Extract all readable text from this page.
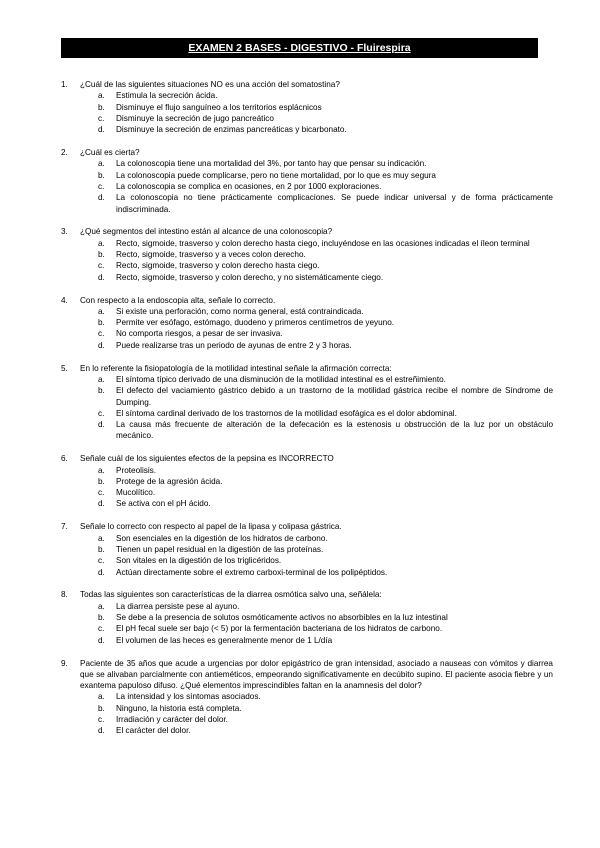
EXAMEN 2 BASES - DIGESTIVO - Fluirespira
1. ¿Cuál de las siguientes situaciones NO es una acción del somatostina?
a. Estimula la secreción ácida.
b. Disminuye el flujo sanguíneo a los territorios esplácnicos
c. Disminuye la secreción de jugo pancreático
d. Disminuye la secreción de enzimas pancreáticas y bicarbonato.
2. ¿Cuál es cierta?
a. La colonoscopia tiene una mortalidad del 3%, por tanto hay que pensar su indicación.
b. La colonoscopia puede complicarse, pero no tiene mortalidad, por lo que es muy segura
c. La colonoscopia se complica en ocasiones, en 2 por 1000 exploraciones.
d. La colonoscopia no tiene prácticamente complicaciones. Se puede indicar universal y de forma prácticamente indiscriminada.
3. ¿Qué segmentos del intestino están al alcance de una colonoscopia?
a. Recto, sigmoide, trasverso y colon derecho hasta ciego, incluyéndose en las ocasiones indicadas el íleon terminal
b. Recto, sigmoide, trasverso y a veces colon derecho.
c. Recto, sigmoide, trasverso y colon derecho hasta ciego.
d. Recto, sigmoide, trasverso y colon derecho, y no sistemáticamente ciego.
4. Con respecto a la endoscopia alta, señale lo correcto.
a. Si existe una perforación, como norma general, está contraindicada.
b. Permite ver esófago, estómago, duodeno y primeros centímetros de yeyuno.
c. No comporta riesgos, a pesar de ser invasiva.
d. Puede realizarse tras un periodo de ayunas de entre 2 y 3 horas.
5. En lo referente la fisiopatología de la motilidad intestinal señale la afirmación correcta:
a. El síntoma típico derivado de una disminución de la motilidad intestinal es el estreñimiento.
b. El defecto del vaciamiento gástrico debido a un trastorno de la motilidad gástrica recibe el nombre de Síndrome de Dumping.
c. El síntoma cardinal derivado de los trastornos de la motilidad esofágica es el dolor abdominal.
d. La causa más frecuente de alteración de la defecación es la estenosis u obstrucción de la luz por un obstáculo mecánico.
6. Señale cuál de los siguientes efectos de la pepsina es INCORRECTO
a. Proteolisis.
b. Protege de la agresión ácida.
c. Mucolítico.
d. Se activa con el pH ácido.
7. Señale lo correcto con respecto al papel de la lipasa y colipasa gástrica.
a. Son esenciales en la digestión de los hidratos de carbono.
b. Tienen un papel residual en la digestión de las proteínas.
c. Son vitales en la digestión de los triglicéridos.
d. Actúan directamente sobre el extremo carboxi-terminal de los polipéptidos.
8. Todas las siguientes son características de la diarrea osmótica salvo una, señálela:
a. La diarrea persiste pese al ayuno.
b. Se debe a la presencia de solutos osmóticamente activos no absorbibles en la luz intestinal
c. El pH fecal suele ser bajo (< 5) por la fermentación bacteriana de los hidratos de carbono.
d. El volumen de las heces es generalmente menor de 1 L/día
9. Paciente de 35 años que acude a urgencias por dolor epigástrico de gran intensidad, asociado a nauseas con vómitos y diarrea que se alivaban parcialmente con antieméticos, empeorando significativamente en decúbito supino. El paciente asocia fiebre y un exantema papuloso difuso. ¿Qué elementos imprescindibles faltan en la anamnesis del dolor?
a. La intensidad y los síntomas asociados.
b. Ninguno, la historia está completa.
c. Irradiación y carácter del dolor.
d. El carácter del dolor.
